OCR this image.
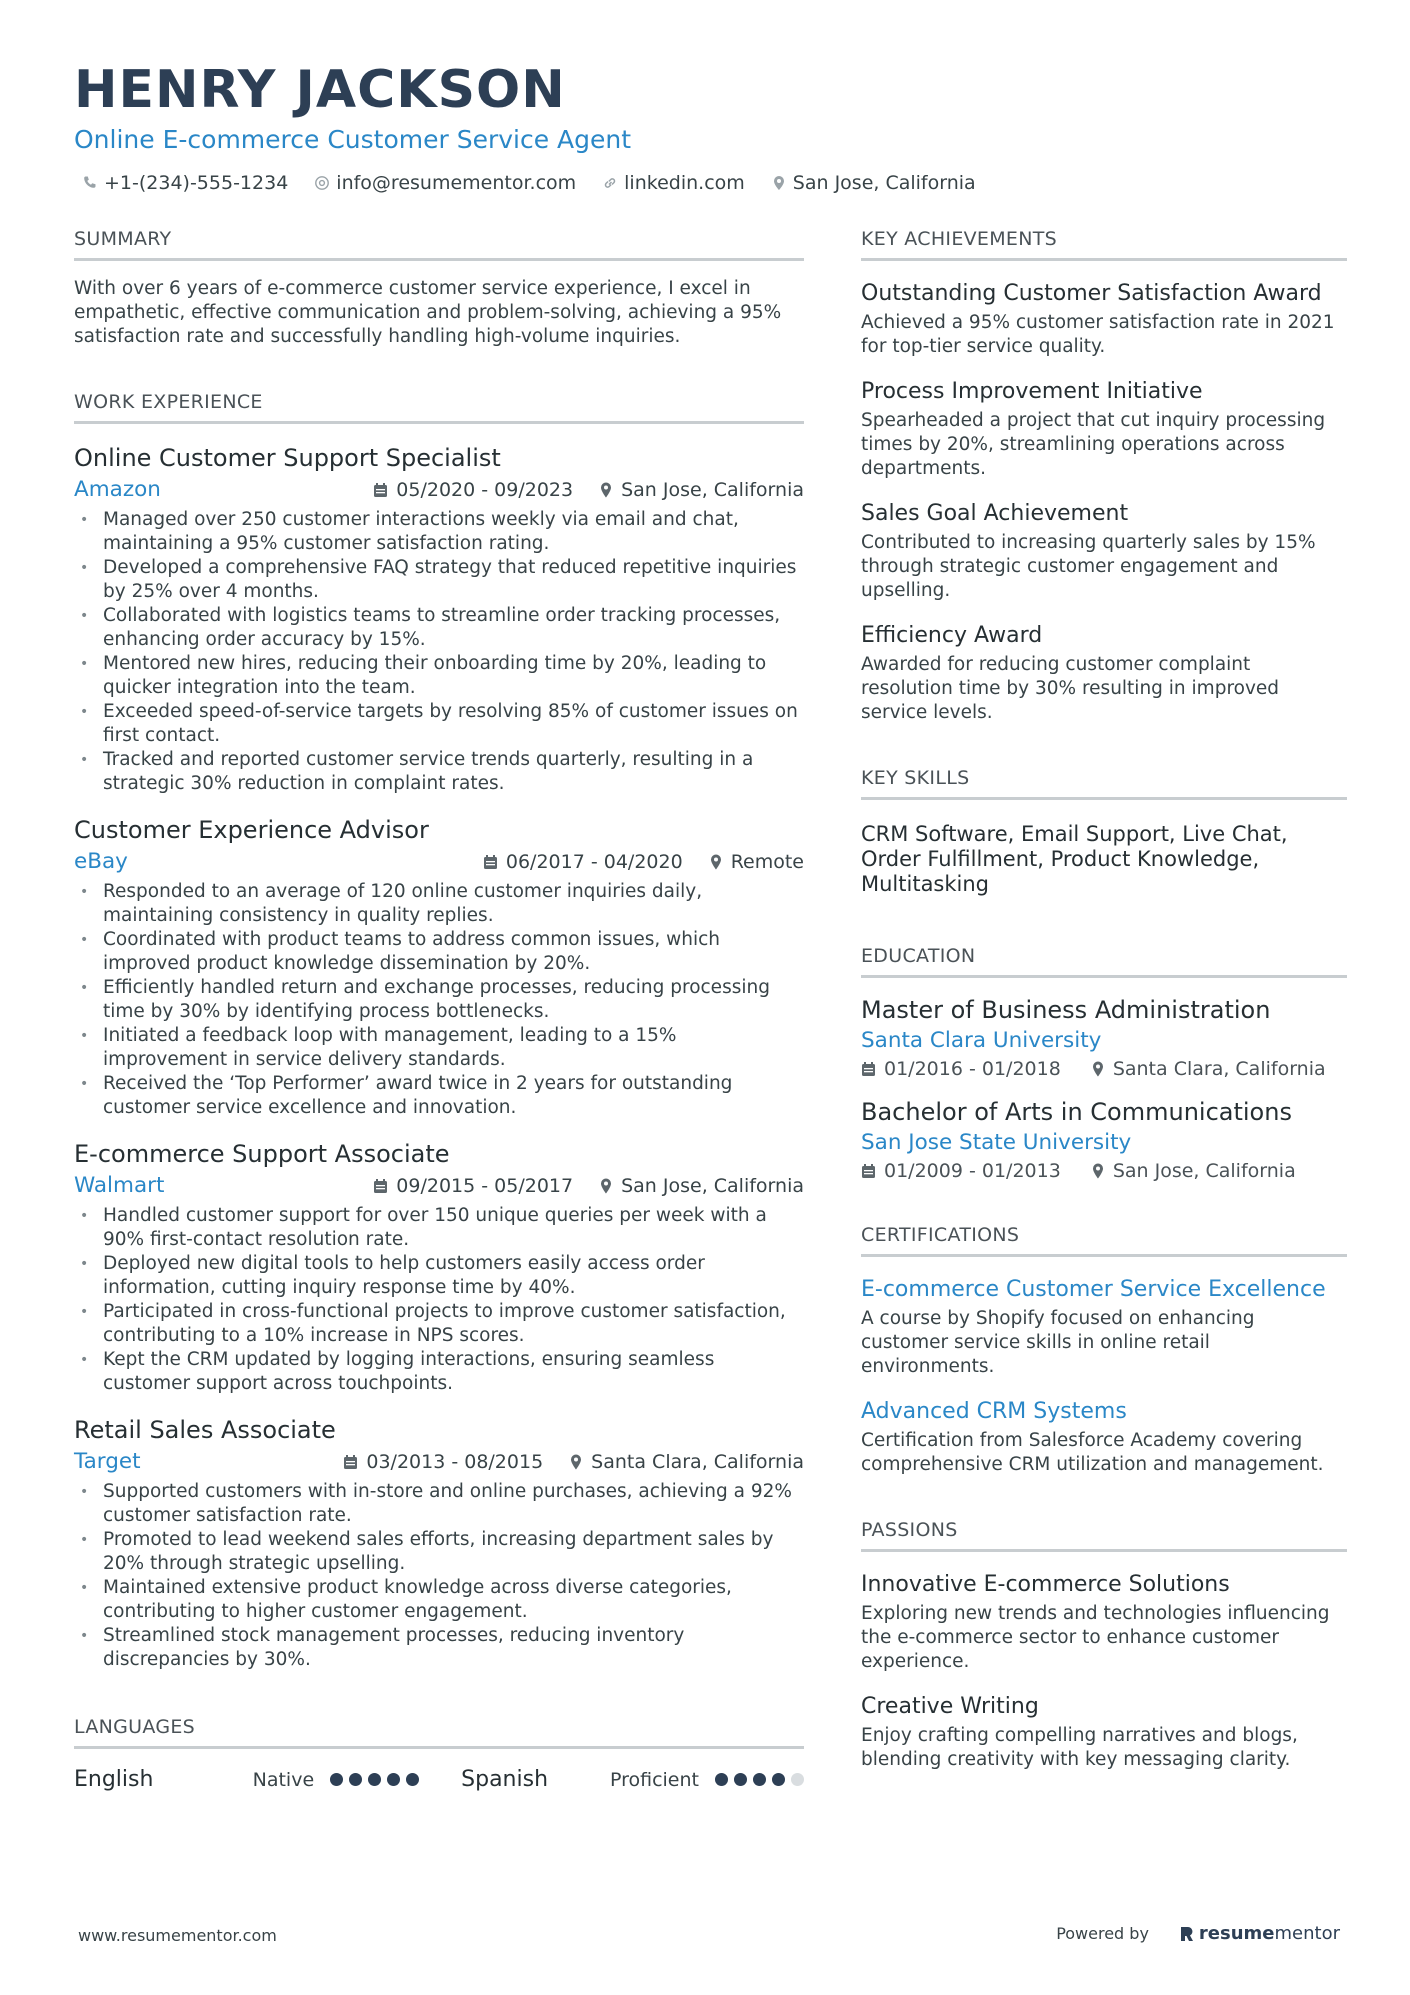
HENRY JACKSON
Online E-commerce Customer Service Agent
+1-(234)-555-1234	info@resumementor.com	linkedin.com	San Jose, California
SUMMARY
With over 6 years of e-commerce customer service experience, I excel in empathetic, effective communication and problem-solving, achieving a 95% satisfaction rate and successfully handling high-volume inquiries.
WORK EXPERIENCE
Online Customer Support Specialist
Amazon	05/2020 - 09/2023	San Jose, California
• Managed over 250 customer interactions weekly via email and chat, maintaining a 95% customer satisfaction rating.
• Developed a comprehensive FAQ strategy that reduced repetitive inquiries by 25% over 4 months.
• Collaborated with logistics teams to streamline order tracking processes, enhancing order accuracy by 15%.
• Mentored new hires, reducing their onboarding time by 20%, leading to quicker integration into the team.
• Exceeded speed-of-service targets by resolving 85% of customer issues on first contact.
• Tracked and reported customer service trends quarterly, resulting in a strategic 30% reduction in complaint rates.
Customer Experience Advisor
eBay	06/2017 - 04/2020	Remote
• Responded to an average of 120 online customer inquiries daily, maintaining consistency in quality replies.
• Coordinated with product teams to address common issues, which improved product knowledge dissemination by 20%.
• Efficiently handled return and exchange processes, reducing processing time by 30% by identifying process bottlenecks.
• Initiated a feedback loop with management, leading to a 15% improvement in service delivery standards.
• Received the ‘Top Performer’ award twice in 2 years for outstanding customer service excellence and innovation.
E-commerce Support Associate
Walmart	09/2015 - 05/2017	San Jose, California
• Handled customer support for over 150 unique queries per week with a 90% first-contact resolution rate.
• Deployed new digital tools to help customers easily access order information, cutting inquiry response time by 40%.
• Participated in cross-functional projects to improve customer satisfaction, contributing to a 10% increase in NPS scores.
• Kept the CRM updated by logging interactions, ensuring seamless customer support across touchpoints.
Retail Sales Associate
Target	03/2013 - 08/2015	Santa Clara, California
• Supported customers with in-store and online purchases, achieving a 92% customer satisfaction rate.
• Promoted to lead weekend sales efforts, increasing department sales by 20% through strategic upselling.
• Maintained extensive product knowledge across diverse categories, contributing to higher customer engagement.
• Streamlined stock management processes, reducing inventory discrepancies by 30%.
LANGUAGES
English	Native	Spanish	Proficient
KEY ACHIEVEMENTS
Outstanding Customer Satisfaction Award
Achieved a 95% customer satisfaction rate in 2021 for top-tier service quality.
Process Improvement Initiative
Spearheaded a project that cut inquiry processing times by 20%, streamlining operations across departments.
Sales Goal Achievement
Contributed to increasing quarterly sales by 15% through strategic customer engagement and upselling.
Efficiency Award
Awarded for reducing customer complaint resolution time by 30% resulting in improved service levels.
KEY SKILLS
CRM Software, Email Support, Live Chat, Order Fulfillment, Product Knowledge, Multitasking
EDUCATION
Master of Business Administration
Santa Clara University
01/2016 - 01/2018	Santa Clara, California
Bachelor of Arts in Communications
San Jose State University
01/2009 - 01/2013	San Jose, California
CERTIFICATIONS
E-commerce Customer Service Excellence
A course by Shopify focused on enhancing customer service skills in online retail environments.
Advanced CRM Systems
Certification from Salesforce Academy covering comprehensive CRM utilization and management.
PASSIONS
Innovative E-commerce Solutions
Exploring new trends and technologies influencing the e-commerce sector to enhance customer experience.
Creative Writing
Enjoy crafting compelling narratives and blogs, blending creativity with key messaging clarity.
www.resumementor.com	Powered by	resumementor
